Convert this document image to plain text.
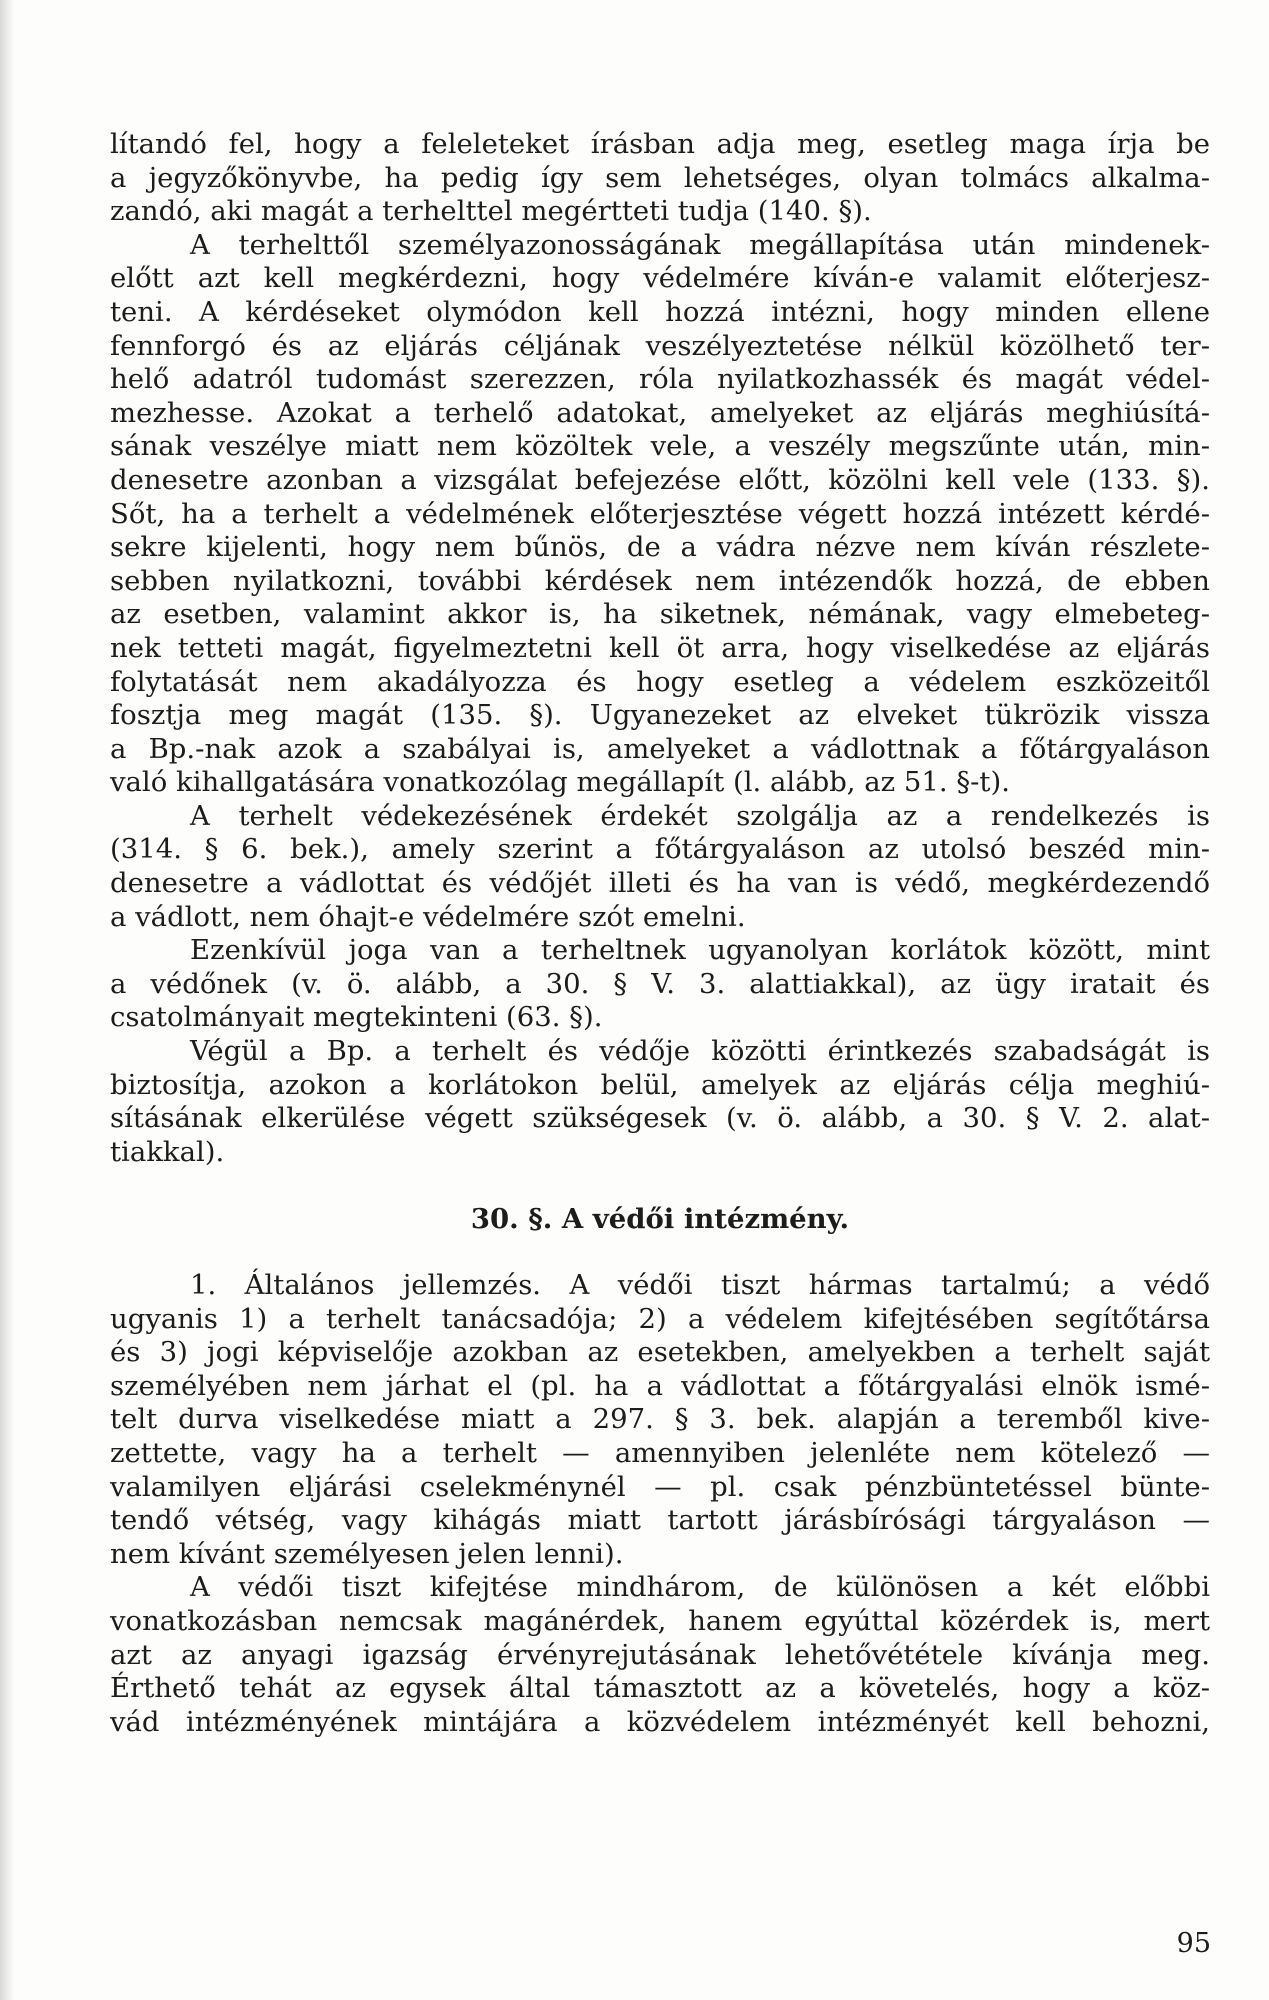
lítandó fel, hogy a feleleteket írásban adja meg, esetleg maga írja be
a jegyzőkönyvbe, ha pedig így sem lehetséges, olyan tolmács alkalma-
zandó, aki magát a terhelttel megértteti tudja (140. §).
A terhelttől személyazonosságának megállapítása után mindenek-
előtt azt kell megkérdezni, hogy védelmére kíván-e valamit előterjesz-
teni. A kérdéseket olymódon kell hozzá intézni, hogy minden ellene
fennforgó és az eljárás céljának veszélyeztetése nélkül közölhető ter-
helő adatról tudomást szerezzen, róla nyilatkozhassék és magát védel-
mezhesse. Azokat a terhelő adatokat, amelyeket az eljárás meghiúsítá-
sának veszélye miatt nem közöltek vele, a veszély megszűnte után, min-
denesetre azonban a vizsgálat befejezése előtt, közölni kell vele (133. §).
Sőt, ha a terhelt a védelmének előterjesztése végett hozzá intézett kérdé-
sekre kijelenti, hogy nem bűnös, de a vádra nézve nem kíván részlete-
sebben nyilatkozni, további kérdések nem intézendők hozzá, de ebben
az esetben, valamint akkor is, ha siketnek, némának, vagy elmebeteg-
nek tetteti magát, figyelmeztetni kell öt arra, hogy viselkedése az eljárás
folytatását nem akadályozza és hogy esetleg a védelem eszközeitől
fosztja meg magát (135. §). Ugyanezeket az elveket tükrözik vissza
a Bp.-nak azok a szabályai is, amelyeket a vádlottnak a főtárgyaláson
való kihallgatására vonatkozólag megállapít (l. alább, az 51. §-t).
A terhelt védekezésének érdekét szolgálja az a rendelkezés is
(314. § 6. bek.), amely szerint a főtárgyaláson az utolsó beszéd min-
denesetre a vádlottat és védőjét illeti és ha van is védő, megkérdezendő
a vádlott, nem óhajt-e védelmére szót emelni.
Ezenkívül joga van a terheltnek ugyanolyan korlátok között, mint
a védőnek (v. ö. alább, a 30. § V. 3. alattiakkal), az ügy iratait és
csatolmányait megtekinteni (63. §).
Végül a Bp. a terhelt és védője közötti érintkezés szabadságát is
biztosítja, azokon a korlátokon belül, amelyek az eljárás célja meghiú-
sításának elkerülése végett szükségesek (v. ö. alább, a 30. § V. 2. alat-
tiakkal).
30. §. A védői intézmény.
1. Általános jellemzés. A védői tiszt hármas tartalmú; a védő
ugyanis 1) a terhelt tanácsadója; 2) a védelem kifejtésében segítőtársa
és 3) jogi képviselője azokban az esetekben, amelyekben a terhelt saját
személyében nem járhat el (pl. ha a vádlottat a főtárgyalási elnök ismé-
telt durva viselkedése miatt a 297. § 3. bek. alapján a teremből kive-
zettette, vagy ha a terhelt — amennyiben jelenléte nem kötelező —
valamilyen eljárási cselekménynél — pl. csak pénzbüntetéssel bünte-
tendő vétség, vagy kihágás miatt tartott járásbírósági tárgyaláson —
nem kívánt személyesen jelen lenni).
A védői tiszt kifejtése mindhárom, de különösen a két előbbi
vonatkozásban nemcsak magánérdek, hanem egyúttal közérdek is, mert
azt az anyagi igazság érvényrejutásának lehetővététele kívánja meg.
Érthető tehát az egysek által támasztott az a követelés, hogy a köz-
vád intézményének mintájára a közvédelem intézményét kell behozni,
95
